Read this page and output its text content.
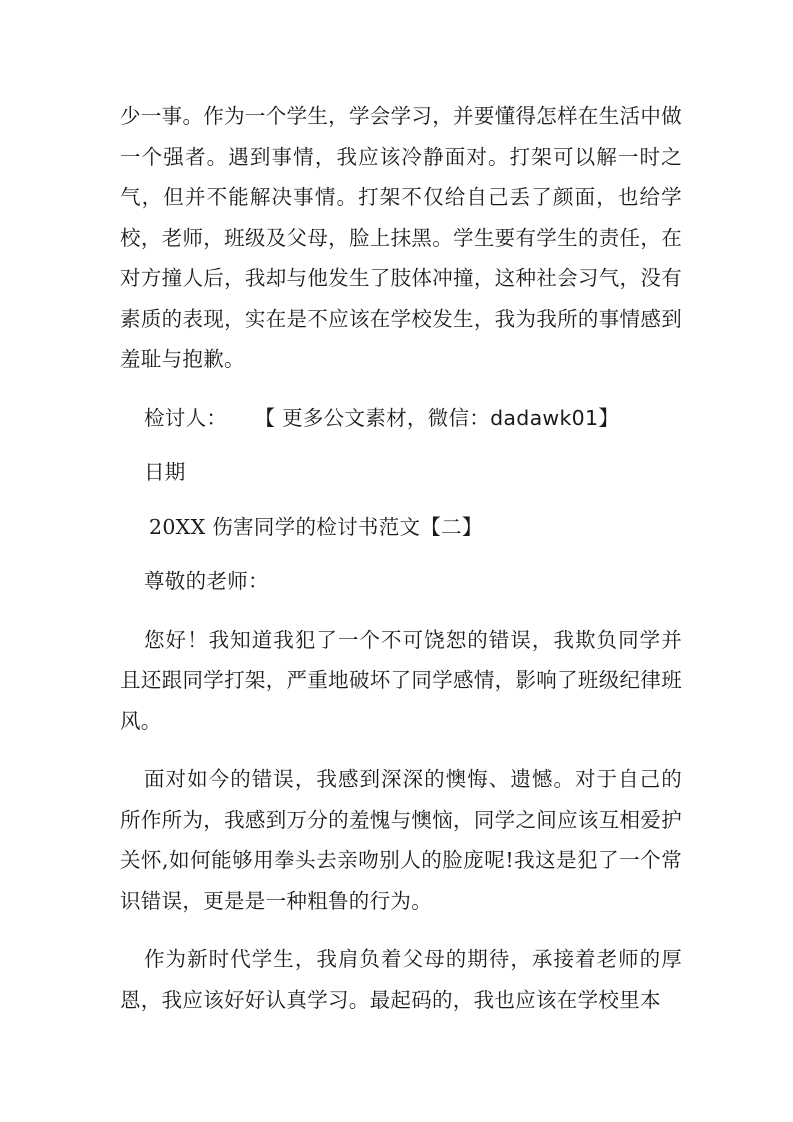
少一事。作为一个学生，学会学习，并要懂得怎样在生活中做一个强者。遇到事情，我应该冷静面对。打架可以解一时之气，但并不能解决事情。打架不仅给自己丢了颜面，也给学校，老师，班级及父母，脸上抹黑。学生要有学生的责任，在对方撞人后，我却与他发生了肢体冲撞，这种社会习气，没有素质的表现，实在是不应该在学校发生，我为我所的事情感到羞耻与抱歉。

检讨人： 【 更多公文素材，微信：dadawk01】

日期

20XX 伤害同学的检讨书范文【二】

尊敬的老师：

您好！我知道我犯了一个不可饶恕的错误，我欺负同学并且还跟同学打架，严重地破坏了同学感情，影响了班级纪律班风。

面对如今的错误，我感到深深的懊悔、遗憾。对于自己的所作所为，我感到万分的羞愧与懊恼，同学之间应该互相爱护关怀,如何能够用拳头去亲吻别人的脸庞呢!我这是犯了一个常识错误，更是是一种粗鲁的行为。

作为新时代学生，我肩负着父母的期待，承接着老师的厚恩，我应该好好认真学习。最起码的，我也应该在学校里本
